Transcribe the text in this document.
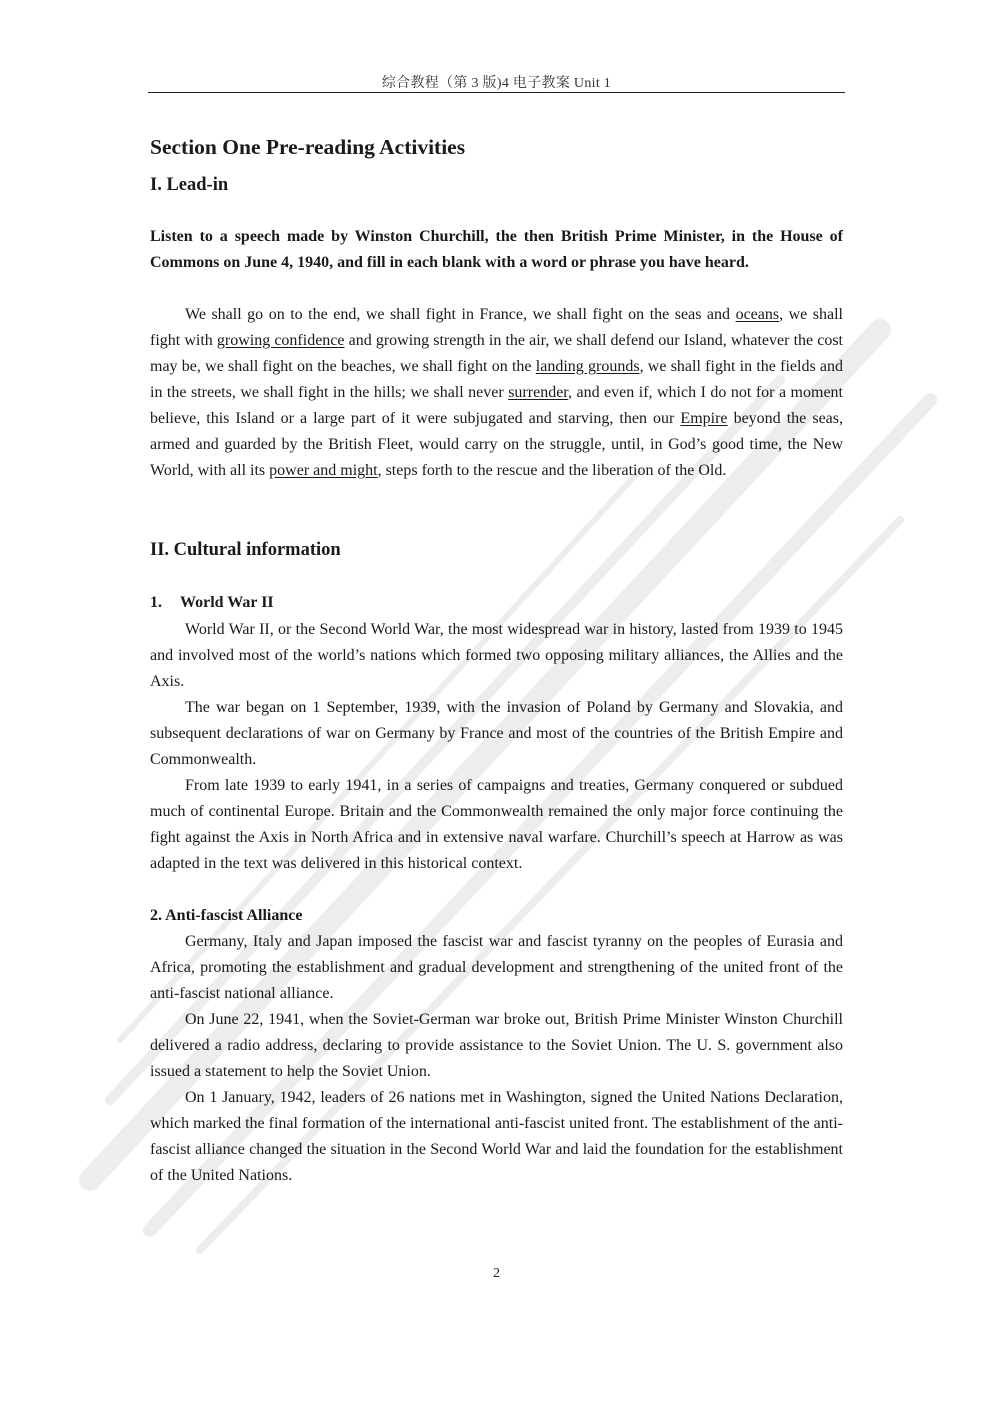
综合教程（第 3 版)4 电子教案 Unit 1
Section One Pre-reading Activities
I. Lead-in

Listen to a speech made by Winston Churchill, the then British Prime Minister, in the House of Commons on June 4, 1940, and fill in each blank with a word or phrase you have heard.

We shall go on to the end, we shall fight in France, we shall fight on the seas and oceans, we shall fight with growing confidence and growing strength in the air, we shall defend our Island, whatever the cost may be, we shall fight on the beaches, we shall fight on the landing grounds, we shall fight in the fields and in the streets, we shall fight in the hills; we shall never surrender, and even if, which I do not for a moment believe, this Island or a large part of it were subjugated and starving, then our Empire beyond the seas, armed and guarded by the British Fleet, would carry on the struggle, until, in God’s good time, the New World, with all its power and might, steps forth to the rescue and the liberation of the Old.

II. Cultural information
1. World War II

World War II, or the Second World War, the most widespread war in history, lasted from 1939 to 1945 and involved most of the world’s nations which formed two opposing military alliances, the Allies and the Axis.

The war began on 1 September, 1939, with the invasion of Poland by Germany and Slovakia, and subsequent declarations of war on Germany by France and most of the countries of the British Empire and Commonwealth.

From late 1939 to early 1941, in a series of campaigns and treaties, Germany conquered or subdued much of continental Europe. Britain and the Commonwealth remained the only major force continuing the fight against the Axis in North Africa and in extensive naval warfare. Churchill’s speech at Harrow as was adapted in the text was delivered in this historical context.

2. Anti-fascist Alliance

Germany, Italy and Japan imposed the fascist war and fascist tyranny on the peoples of Eurasia and Africa, promoting the establishment and gradual development and strengthening of the united front of the anti-fascist national alliance.

On June 22, 1941, when the Soviet-German war broke out, British Prime Minister Winston Churchill delivered a radio address, declaring to provide assistance to the Soviet Union. The U. S. government also issued a statement to help the Soviet Union.

On 1 January, 1942, leaders of 26 nations met in Washington, signed the United Nations Declaration, which marked the final formation of the international anti-fascist united front. The establishment of the anti-fascist alliance changed the situation in the Second World War and laid the foundation for the establishment of the United Nations.

2
